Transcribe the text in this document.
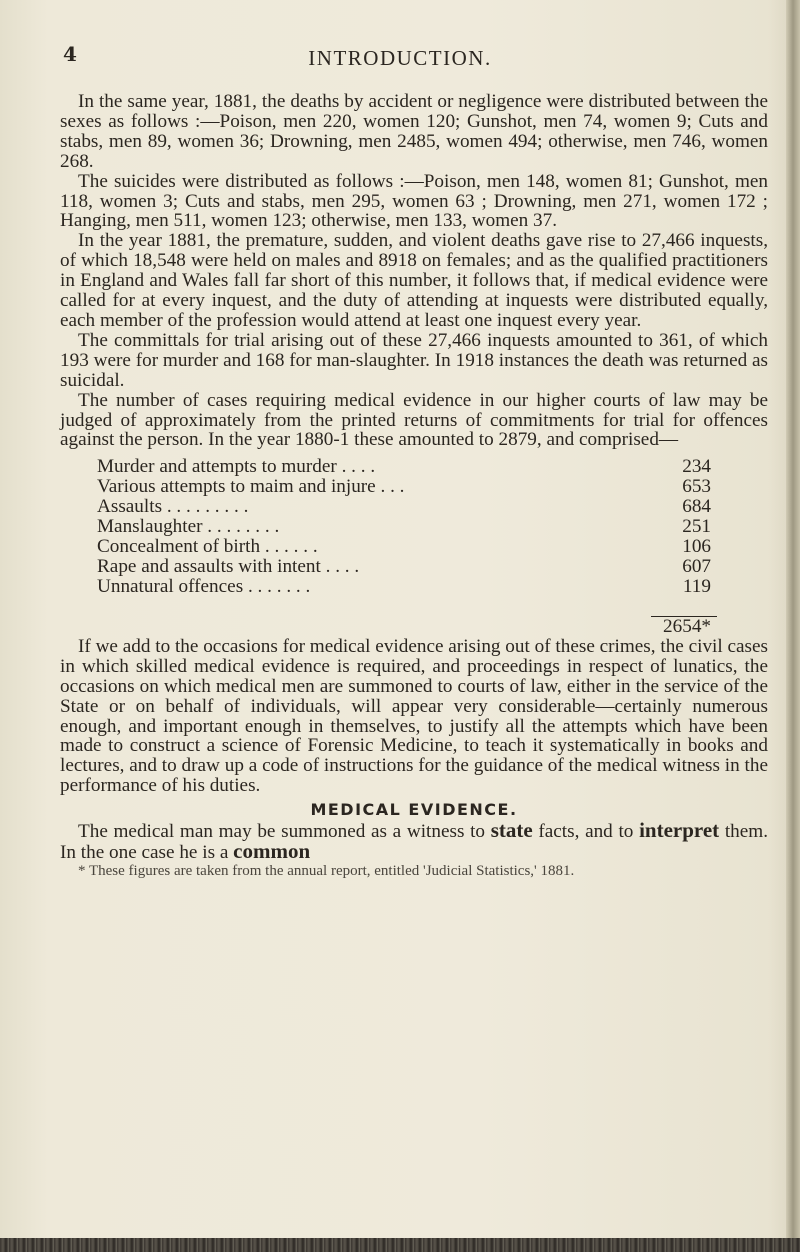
4	INTRODUCTION.

In the same year, 1881, the deaths by accident or negligence were distributed between the sexes as follows :—Poison, men 220, women 120; Gunshot, men 74, women 9; Cuts and stabs, men 89, women 36; Drowning, men 2485, women 494; otherwise, men 746, women 268.

The suicides were distributed as follows :—Poison, men 148, women 81; Gunshot, men 118, women 3; Cuts and stabs, men 295, women 63 ; Drowning, men 271, women 172 ; Hanging, men 511, women 123; otherwise, men 133, women 37.

In the year 1881, the premature, sudden, and violent deaths gave rise to 27,466 inquests, of which 18,548 were held on males and 8918 on females; and as the qualified practitioners in England and Wales fall far short of this number, it follows that, if medical evidence were called for at every inquest, and the duty of attending at inquests were distributed equally, each member of the profession would attend at least one inquest every year.

The committals for trial arising out of these 27,466 inquests amounted to 361, of which 193 were for murder and 168 for man-slaughter. In 1918 instances the death was returned as suicidal.

The number of cases requiring medical evidence in our higher courts of law may be judged of approximately from the printed returns of commitments for trial for offences against the person. In the year 1880-1 these amounted to 2879, and comprised—

Murder and attempts to murder . . . .	234
Various attempts to maim and injure . . .	653
Assaults . . . . . . . . .	684
Manslaughter . . . . . . . .	251
Concealment of birth . . . . . .	106
Rape and assaults with intent . . . .	607
Unnatural offences . . . . . . .	119

	2654*

If we add to the occasions for medical evidence arising out of these crimes, the civil cases in which skilled medical evidence is required, and proceedings in respect of lunatics, the occasions on which medical men are summoned to courts of law, either in the service of the State or on behalf of individuals, will appear very considerable—certainly numerous enough, and important enough in themselves, to justify all the attempts which have been made to construct a science of Forensic Medicine, to teach it systematically in books and lectures, and to draw up a code of instructions for the guidance of the medical witness in the performance of his duties.

MEDICAL EVIDENCE.

The medical man may be summoned as a witness to state facts, and to interpret them. In the one case he is a common

* These figures are taken from the annual report, entitled 'Judicial Statistics,' 1881.
